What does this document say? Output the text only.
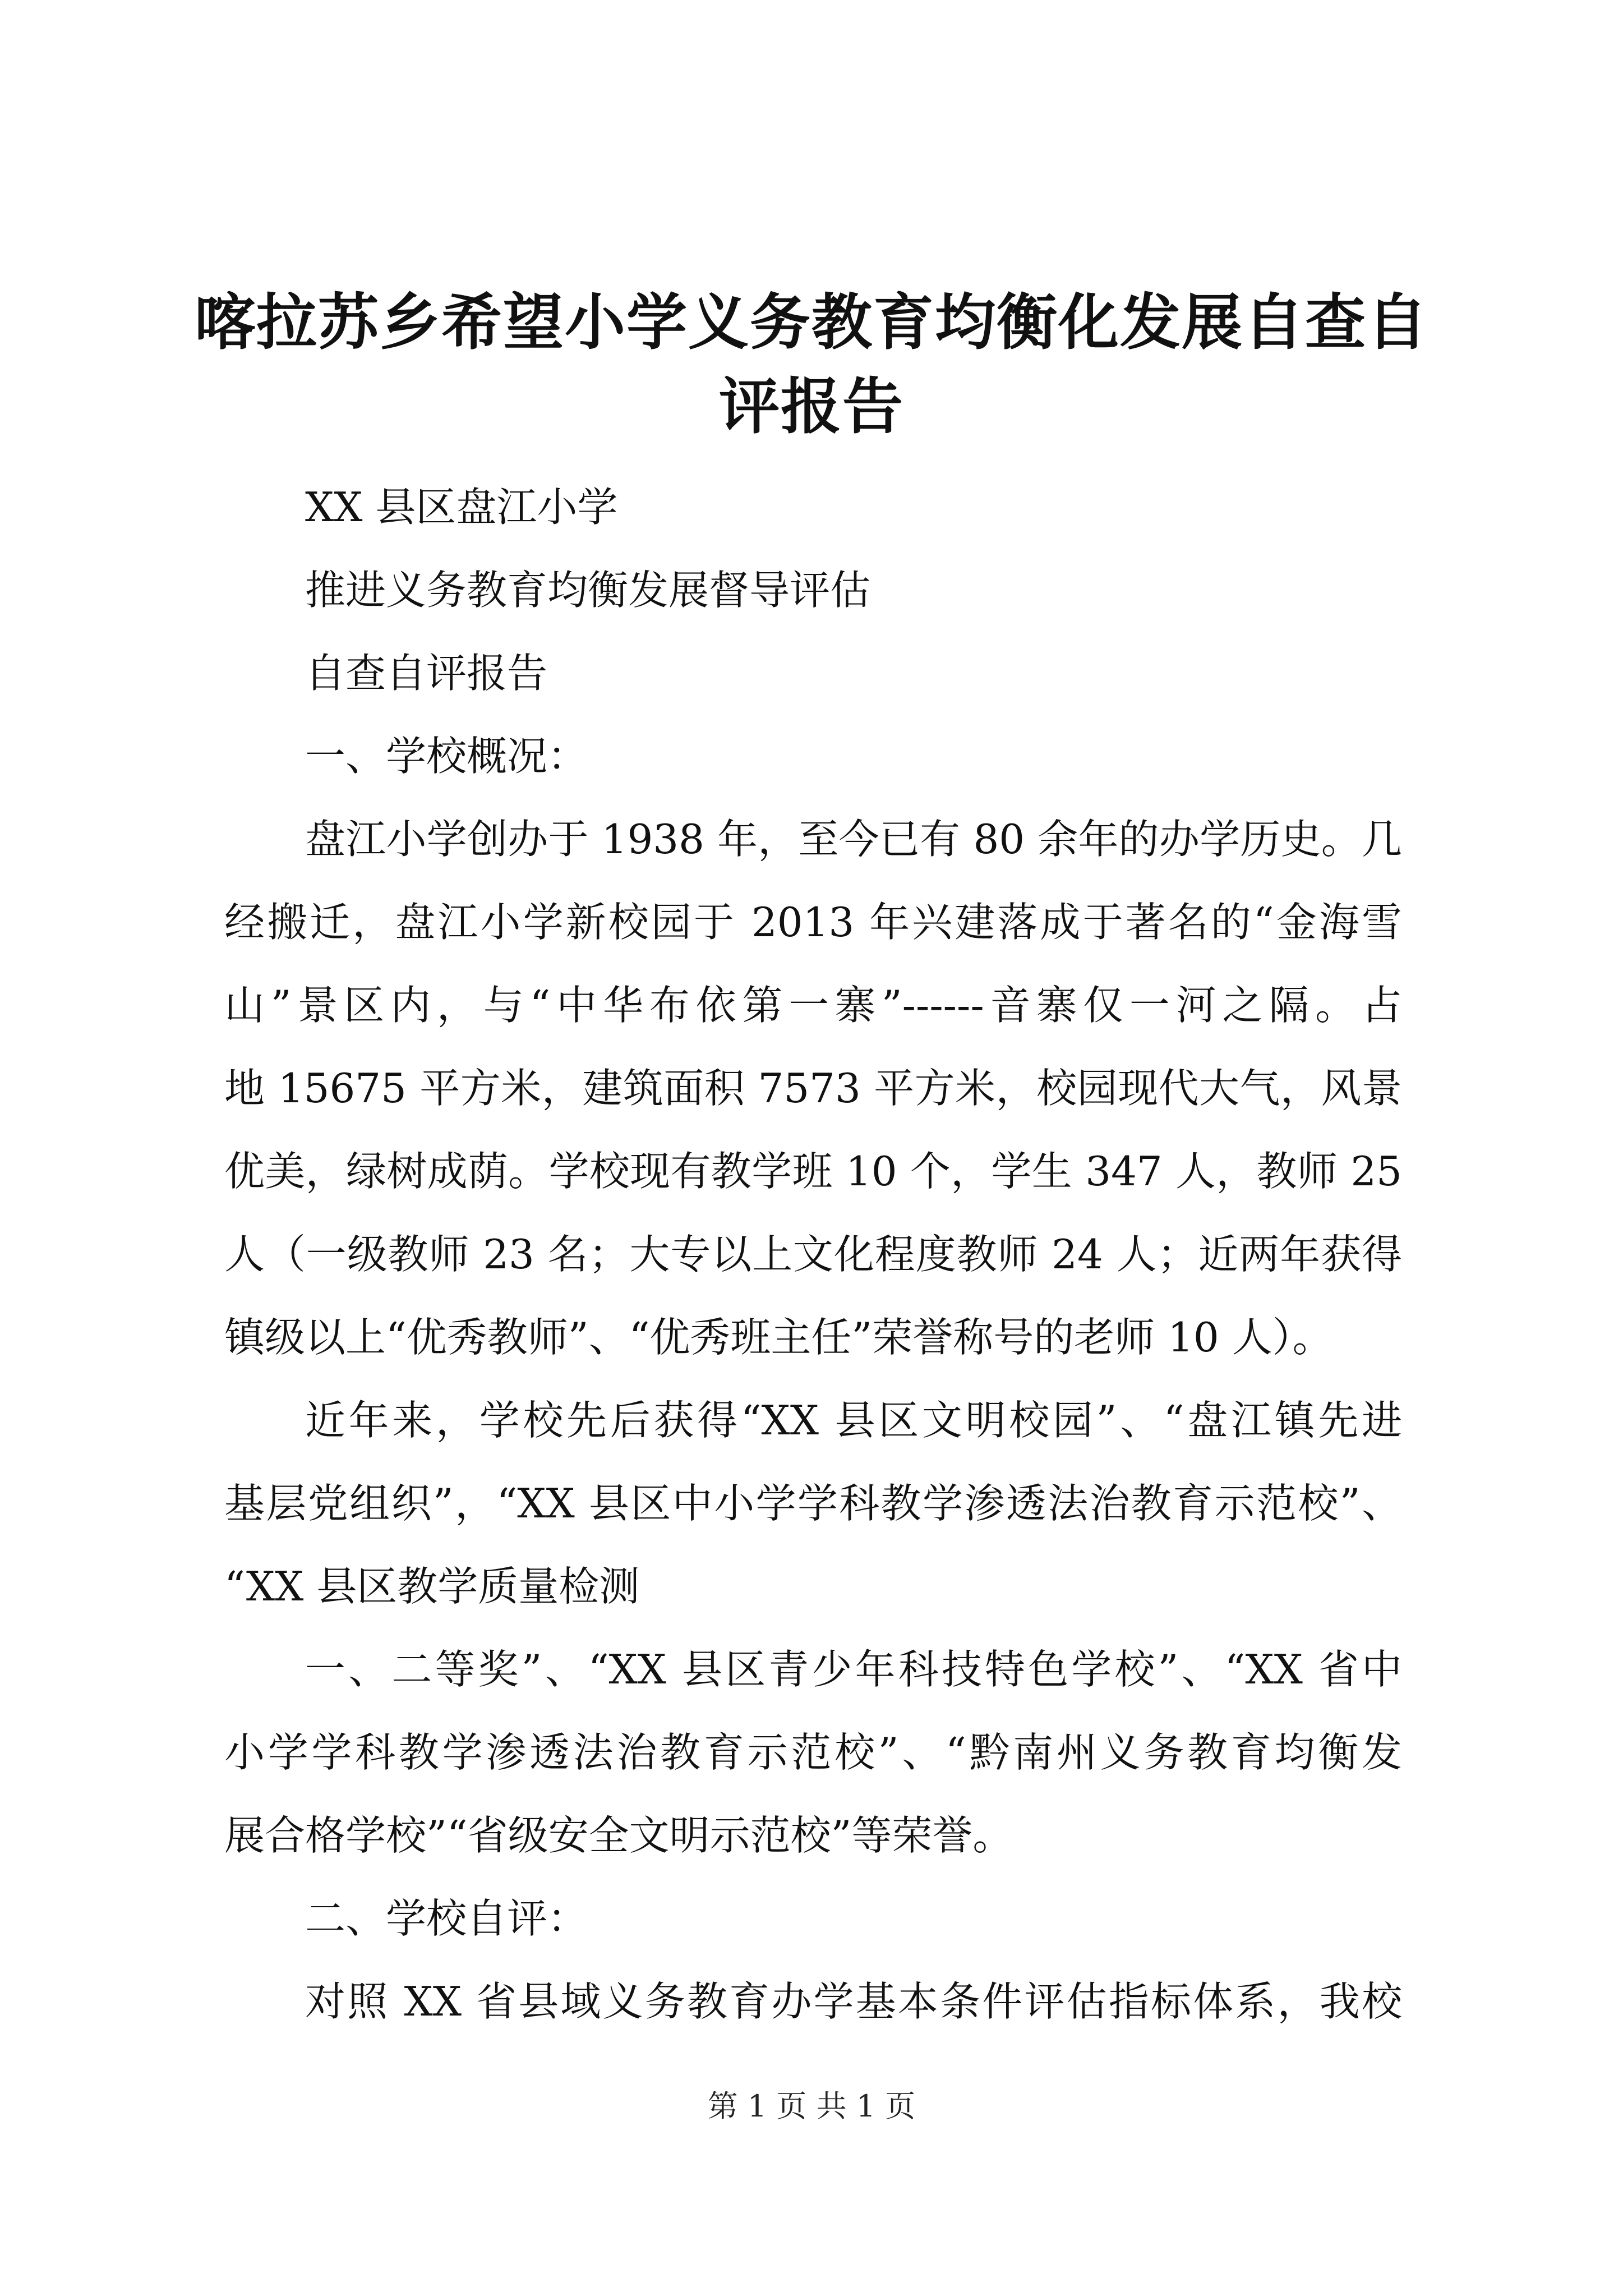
喀拉苏乡希望小学义务教育均衡化发展自查自
评报告

XX 县区盘江小学

推进义务教育均衡发展督导评估

自查自评报告

一、学校概况：

盘江小学创办于 1938 年，至今已有 80 余年的办学历史。几

经搬迁，盘江小学新校园于 2013 年兴建落成于著名的“金海雪

山”景区内，与“中华布依第一寨”------音寨仅一河之隔。占

地 15675 平方米，建筑面积 7573 平方米，校园现代大气，风景

优美，绿树成荫。学校现有教学班 10 个，学生 347 人，教师 25

人（一级教师 23 名；大专以上文化程度教师 24 人；近两年获得

镇级以上“优秀教师”、“优秀班主任”荣誉称号的老师 10 人）。

近年来，学校先后获得“XX 县区文明校园”、“盘江镇先进

基层党组织”，“XX 县区中小学学科教学渗透法治教育示范校”、

“XX 县区教学质量检测

一、二等奖”、“XX 县区青少年科技特色学校”、“XX 省中

小学学科教学渗透法治教育示范校”、“黔南州义务教育均衡发

展合格学校”“省级安全文明示范校”等荣誉。

二、学校自评：

对照 XX 省县域义务教育办学基本条件评估指标体系，我校

第 1 页 共 1 页
